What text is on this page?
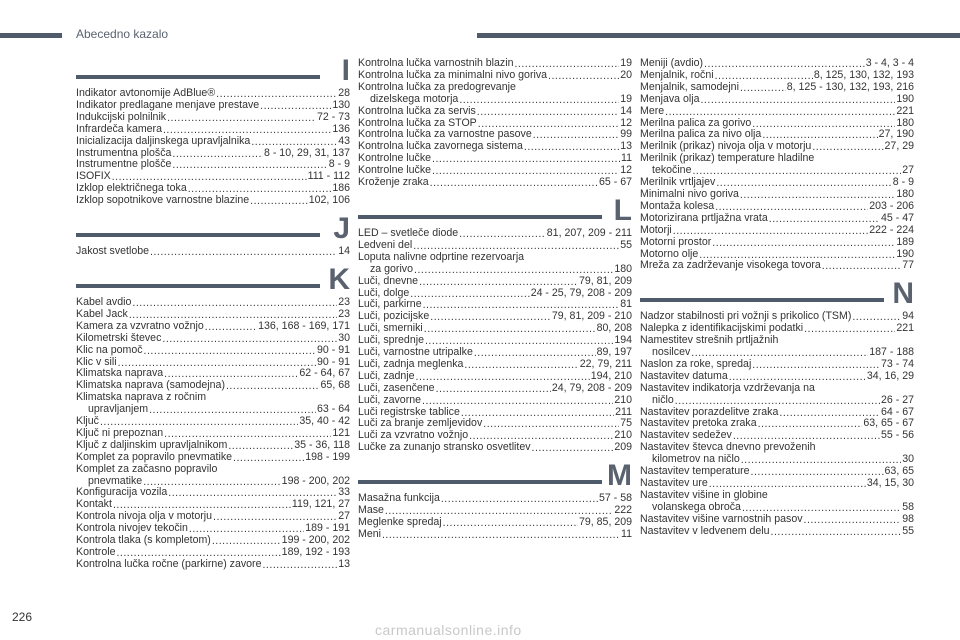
Abecedno kazalo
I
Indikator avtonomije AdBlue® .....	28
Indikator predlagane menjave prestave .....	130
Indukcijski polnilnik .....	72 - 73
Infrardeča kamera .....	136
Inicializacija daljinskega upravljalnika .....	43
Instrumentna plošča .....	8 - 10, 29, 31, 137
Instrumentne plošče .....	8 - 9
ISOFIX .....	111 - 112
Izklop električnega toka .....	186
Izklop sopotnikove varnostne blazine .....	102, 106
J
Jakost svetlobe .....	14
K
Kabel avdio .....	23
Kabel Jack .....	23
Kamera za vzvratno vožnjo .....	136, 168 - 169, 171
Kilometrski števec .....	30
Klic na pomoč .....	90 - 91
Klic v sili .....	90 - 91
Klimatska naprava .....	62 - 64, 67
Klimatska naprava (samodejna) .....	65, 68
Klimatska naprava z ročnim
upravljanjem .....	63 - 64
Ključ .....	35, 40 - 42
Ključ ni prepoznan .....	121
Ključ z daljinskim upravljalnikom .....	35 - 36, 118
Komplet za popravilo pnevmatike .....	198 - 199
Komplet za začasno popravilo
pnevmatike .....	198 - 200, 202
Konfiguracija vozila .....	33
Kontakt .....	119, 121, 27
Kontrola nivoja olja v motorju .....	27
Kontrola nivojev tekočin .....	189 - 191
Kontrola tlaka (s kompletom) .....	199 - 200, 202
Kontrole .....	189, 192 - 193
Kontrolna lučka ročne (parkirne) zavore .....	13
Kontrolna lučka varnostnih blazin .....	19
Kontrolna lučka za minimalni nivo goriva .....	20
Kontrolna lučka za predogrevanje
dizelskega motorja .....	19
Kontrolna lučka za servis .....	14
Kontrolna lučka za STOP .....	12
Kontrolna lučka za varnostne pasove .....	99
Kontrolna lučka zavornega sistema .....	13
Kontrolne lučke .....	11
Kontrolne lučke .....	12
Kroženje zraka .....	65 - 67
L
LED – svetleče diode .....	81, 207, 209 - 211
Ledveni del .....	55
Loputa nalivne odprtine rezervoarja
za gorivo .....	180
Luči, dnevne .....	79, 81, 209
Luči, dolge .....	24 - 25, 79, 208 - 209
Luči, parkirne .....	81
Luči, pozicijske .....	79, 81, 209 - 210
Luči, smerniki .....	80, 208
Luči, sprednje .....	194
Luči, varnostne utripalke .....	89, 197
Luči, zadnja meglenka .....	22, 79, 211
Luči, zadnje .....	194, 210
Luči, zasenčene .....	24, 79, 208 - 209
Luči, zavorne .....	210
Luči registrske tablice .....	211
Luči za branje zemljevidov .....	75
Luči za vzvratno vožnjo .....	210
Lučke za zunanjo stransko osvetlitev .....	209
M
Masažna funkcija .....	57 - 58
Mase .....	222
Meglenke spredaj .....	79, 85, 209
Meni .....	11
Meniji (avdio) .....	3 - 4, 3 - 4
Menjalnik, ročni .....	8, 125, 130, 132, 193
Menjalnik, samodejni .....	8, 125 - 130, 132, 193, 216
Menjava olja .....	190
Mere .....	221
Merilna palica za gorivo .....	180
Merilna palica za nivo olja .....	27, 190
Merilnik (prikaz) nivoja olja v motorju .....	27, 29
Merilnik (prikaz) temperature hladilne
tekočine .....	27
Merilnik vrtljajev .....	8 - 9
Minimalni nivo goriva .....	180
Montaža kolesa .....	203 - 206
Motorizirana prtljažna vrata .....	45 - 47
Motorji .....	222 - 224
Motorni prostor .....	189
Motorno olje .....	190
Mreža za zadrževanje visokega tovora .....	77
N
Nadzor stabilnosti pri vožnji s prikolico (TSM) .....	94
Nalepka z identifikacijskimi podatki .....	221
Namestitev strešnih prtljažnih
nosilcev .....	187 - 188
Naslon za roke, spredaj .....	73 - 74
Nastavitev datuma .....	34, 16, 29
Nastavitev indikatorja vzdrževanja na
ničlo .....	26 - 27
Nastavitev porazdelitve zraka .....	64 - 67
Nastavitev pretoka zraka .....	63, 65 - 67
Nastavitev sedežev .....	55 - 56
Nastavitev števca dnevno prevoženih
kilometrov na ničlo .....	30
Nastavitev temperature .....	63, 65
Nastavitev ure .....	34, 15, 30
Nastavitev višine in globine
volanskega obroča .....	58
Nastavitev višine varnostnih pasov .....	98
Nastavitev v ledvenem delu .....	55
226
carmanualsonline.info
